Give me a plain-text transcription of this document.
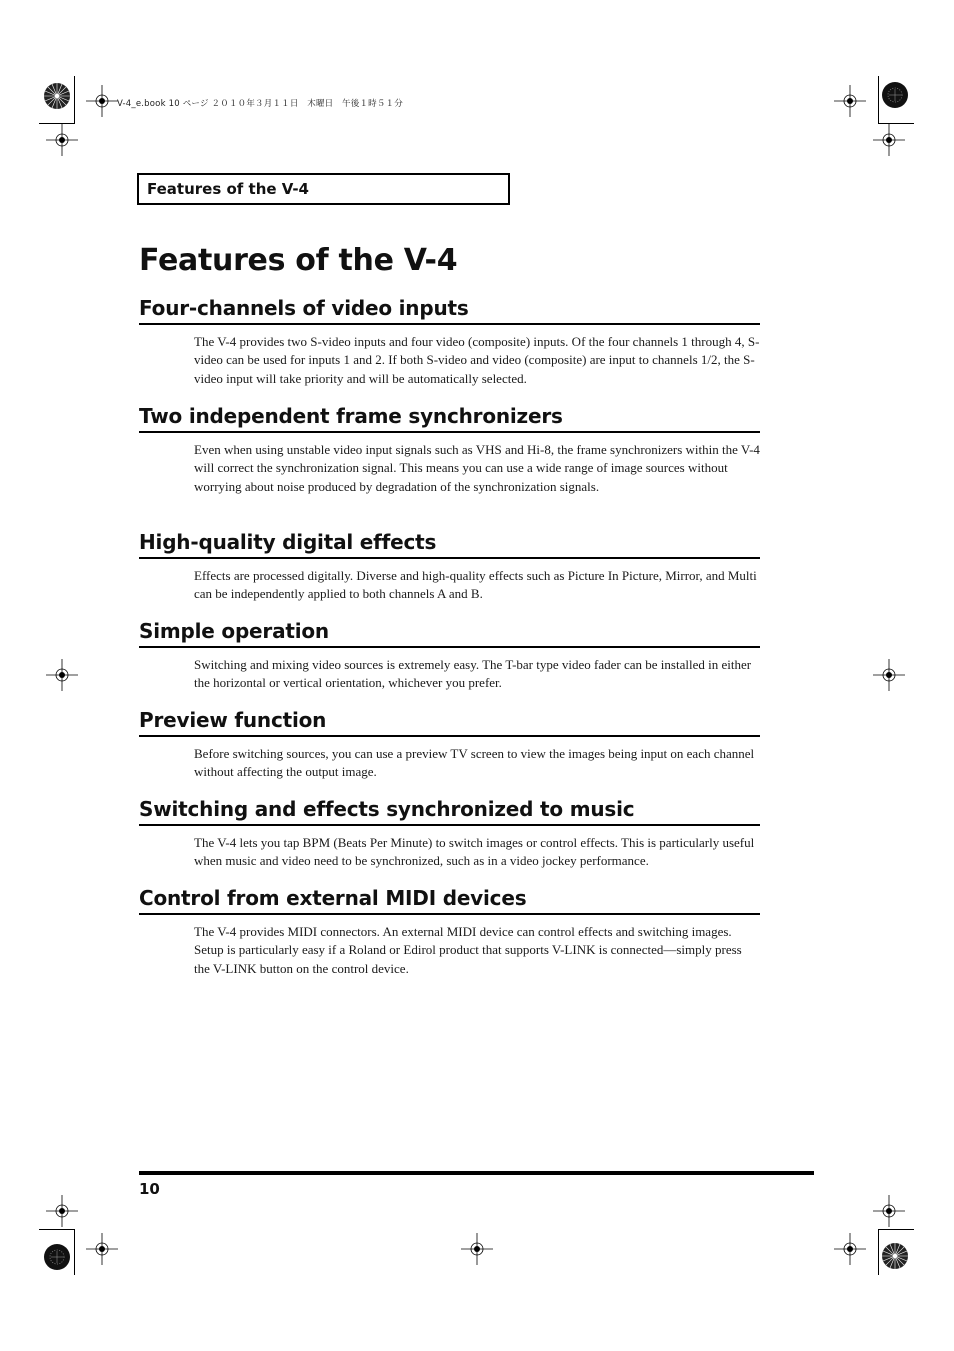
V-4_e.book 10 ページ ２０１０年３月１１日　木曜日　午後１時５１分
Features of the V-4
Features of the V-4
Four-channels of video inputs

The V-4 provides two S-video inputs and four video (composite) inputs. Of the four channels 1 through 4, S-video can be used for inputs 1 and 2. If both S-video and video (composite) are input to channels 1/2, the S-video input will take priority and will be automatically selected.

Two independent frame synchronizers

Even when using unstable video input signals such as VHS and Hi-8, the frame synchronizers within the V-4 will correct the synchronization signal. This means you can use a wide range of image sources without worrying about noise produced by degradation of the synchronization signals.

High-quality digital effects

Effects are processed digitally. Diverse and high-quality effects such as Picture In Picture, Mirror, and Multi can be independently applied to both channels A and B.

Simple operation

Switching and mixing video sources is extremely easy. The T-bar type video fader can be installed in either the horizontal or vertical orientation, whichever you prefer.

Preview function

Before switching sources, you can use a preview TV screen to view the images being input on each channel without affecting the output image.

Switching and effects synchronized to music

The V-4 lets you tap BPM (Beats Per Minute) to switch images or control effects. This is particularly useful when music and video need to be synchronized, such as in a video jockey performance.

Control from external MIDI devices

The V-4 provides MIDI connectors. An external MIDI device can control effects and switching images. Setup is particularly easy if a Roland or Edirol product that supports V-LINK is connected—simply press the V-LINK button on the control device.

10
